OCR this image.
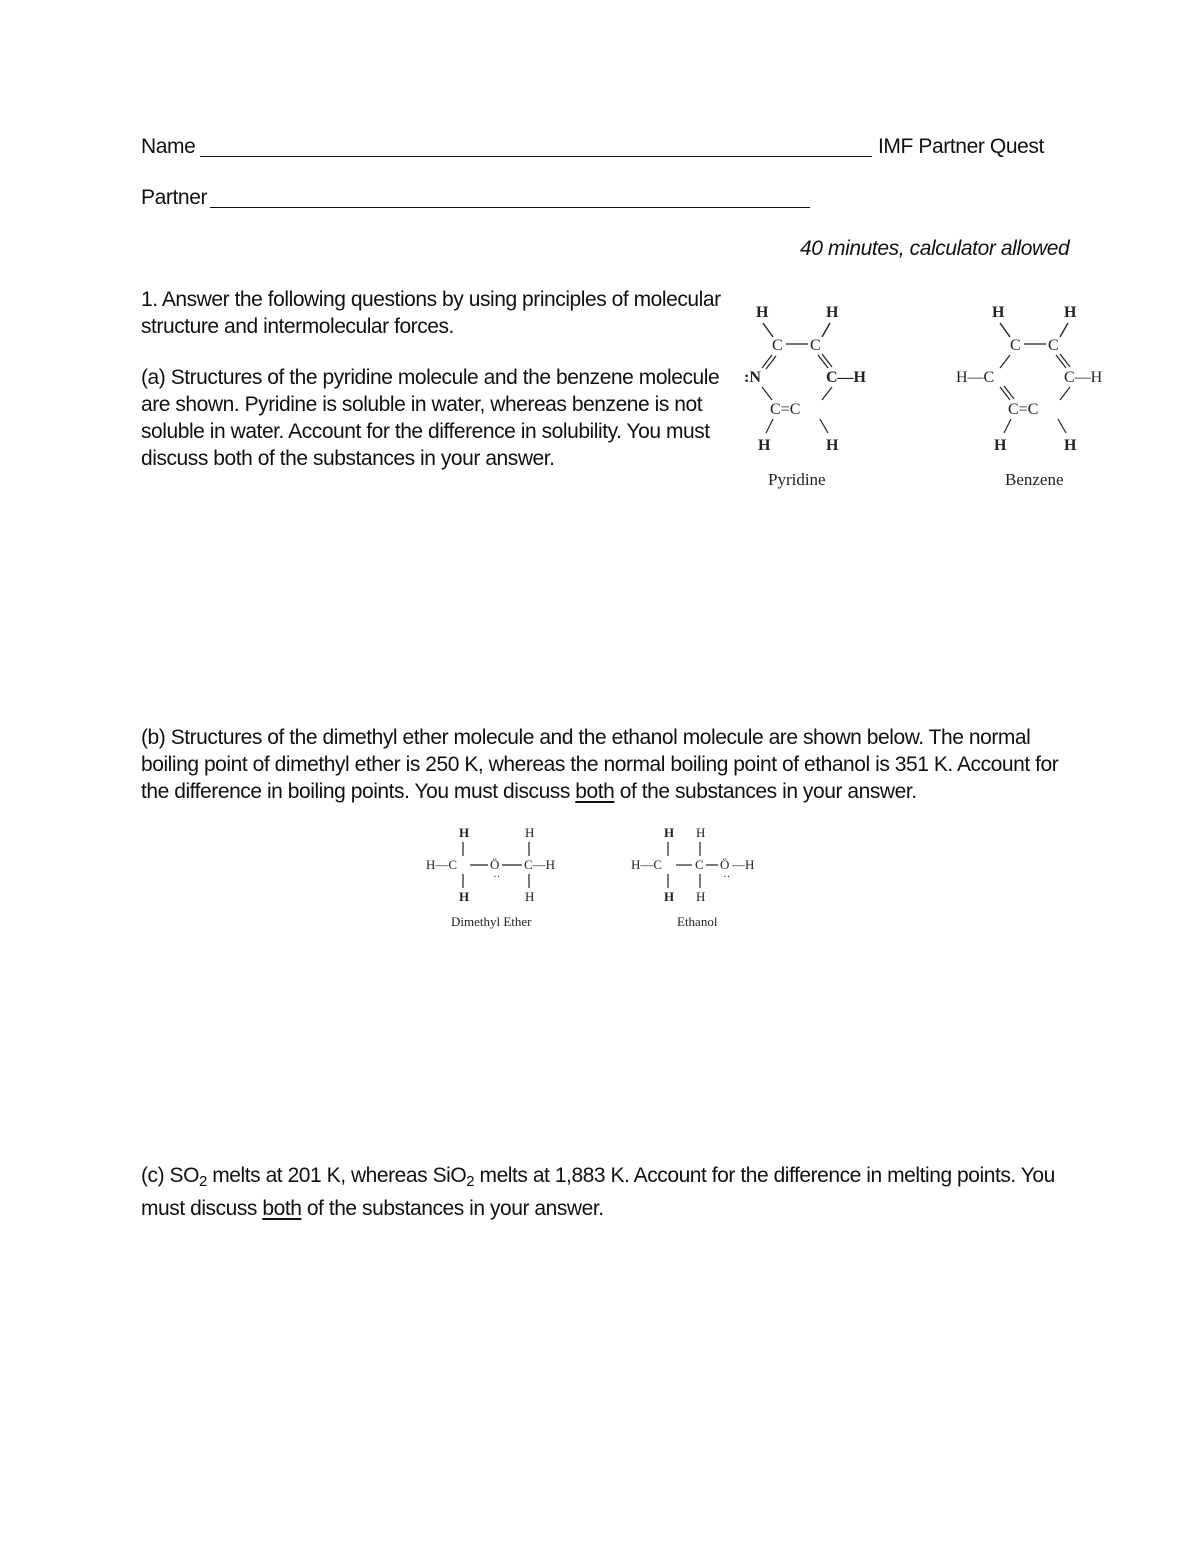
Name	IMF Partner Quest
Partner
40 minutes, calculator allowed
1. Answer the following questions by using principles of molecular
structure and intermolecular forces.
(a) Structures of the pyridine molecule and the benzene molecule
are shown. Pyridine is soluble in water, whereas benzene is not
soluble in water. Account for the difference in solubility. You must
discuss both of the substances in your answer.
H	H
C C
:N	C—H
C=C
H	H
Pyridine
H	H
C C
H—C	C—H
C=C
H	H
Benzene
(b) Structures of the dimethyl ether molecule and the ethanol molecule are shown below. The normal
boiling point of dimethyl ether is 250 K, whereas the normal boiling point of ethanol is 351 K. Account for
the difference in boiling points. You must discuss both of the substances in your answer.
H	H
H—C	Ö
··
C—H
H	H
Dimethyl Ether
H H
H—C	C Ö
··
—H
H H
Ethanol
(c) $SO_2$ melts at 201 K, whereas SiO$_2$ melts at 1,883 K. Account for the difference in melting points. You
must discuss both of the substances in your answer.
